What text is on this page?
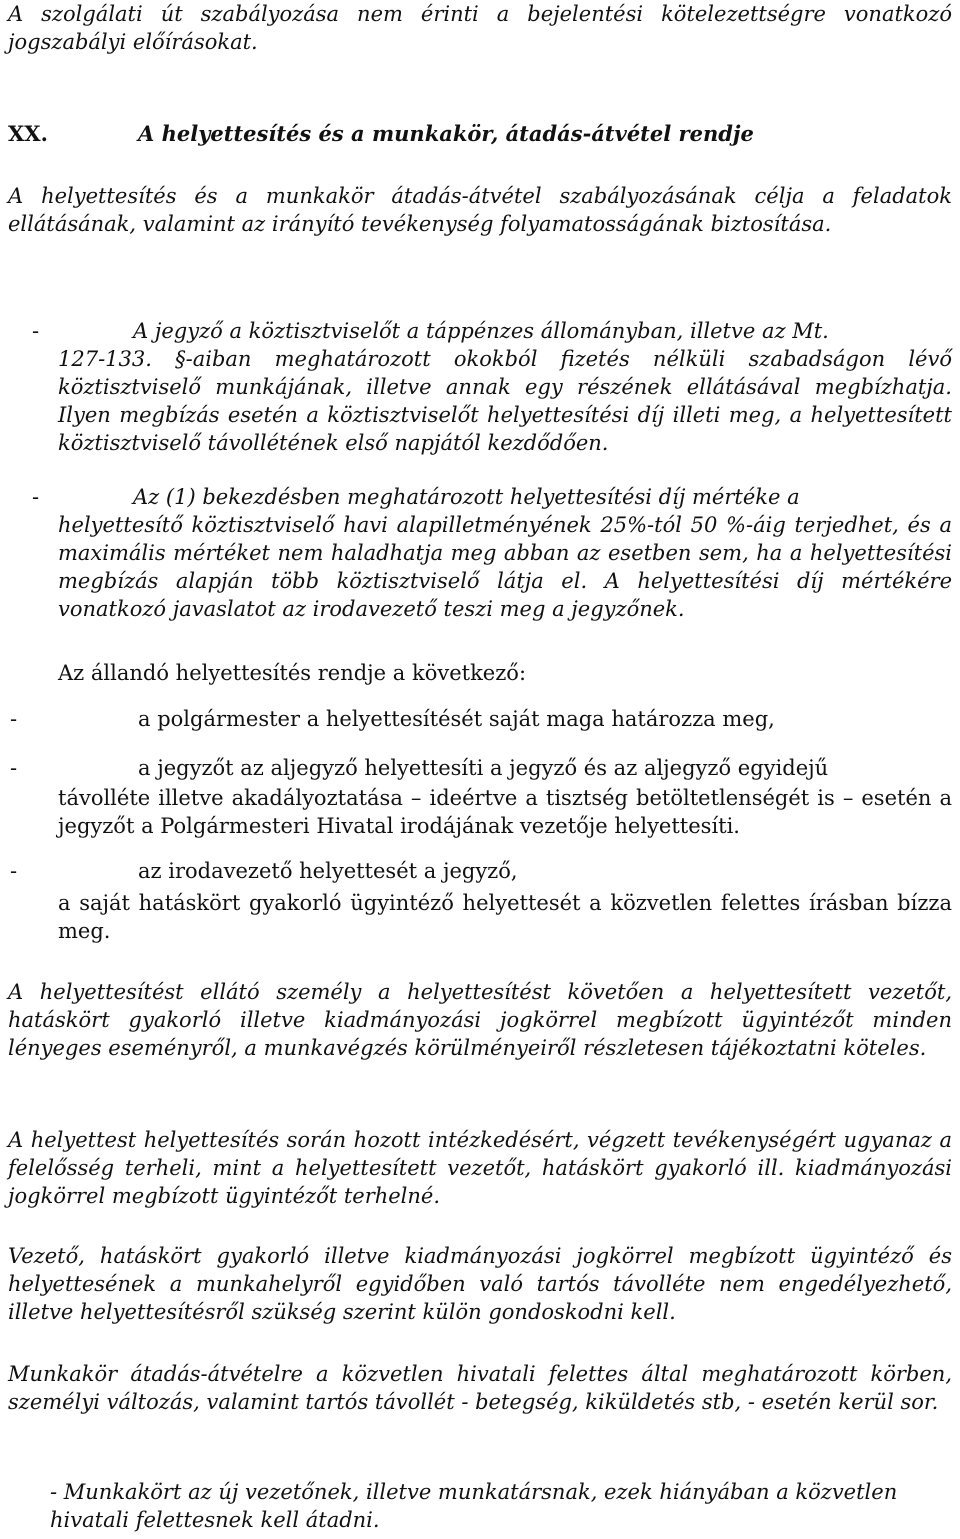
A szolgálati út szabályozása nem érinti a bejelentési kötelezettségre vonatkozó jogszabályi előírásokat.

XX.	A helyettesítés és a munkakör, átadás-átvétel rendje

A helyettesítés és a munkakör átadás-átvétel szabályozásának célja a feladatok ellátásának, valamint az irányító tevékenység folyamatosságának biztosítása.

-	A jegyző a köztisztviselőt a táppénzes állományban, illetve az Mt.

127-133. §-aiban meghatározott okokból fizetés nélküli szabadságon lévő köztisztviselő munkájának, illetve annak egy részének ellátásával megbízhatja. Ilyen megbízás esetén a köztisztviselőt helyettesítési díj illeti meg, a helyettesített köztisztviselő távollétének első napjától kezdődően.

-	Az (1) bekezdésben meghatározott helyettesítési díj mértéke a

helyettesítő köztisztviselő havi alapilletményének 25%-tól 50 %-áig terjedhet, és a maximális mértéket nem haladhatja meg abban az esetben sem, ha a helyettesítési megbízás alapján több köztisztviselő látja el. A helyettesítési díj mértékére vonatkozó javaslatot az irodavezető teszi meg a jegyzőnek.

Az állandó helyettesítés rendje a következő:

-	a polgármester a helyettesítését saját maga határozza meg,

-	a jegyzőt az aljegyző helyettesíti a jegyző és az aljegyző egyidejű

távolléte illetve akadályoztatása – ideértve a tisztség betöltetlenségét is – esetén a jegyzőt a Polgármesteri Hivatal irodájának vezetője helyettesíti.

-	az irodavezető helyettesét a jegyző,

a saját hatáskört gyakorló ügyintéző helyettesét a közvetlen felettes írásban bízza meg.

A helyettesítést ellátó személy a helyettesítést követően a helyettesített vezetőt, hatáskört gyakorló illetve kiadmányozási jogkörrel megbízott ügyintézőt minden lényeges eseményről, a munkavégzés körülményeiről részletesen tájékoztatni köteles.

A helyettest helyettesítés során hozott intézkedésért, végzett tevékenységért ugyanaz a felelősség terheli, mint a helyettesített vezetőt, hatáskört gyakorló ill. kiadmányozási jogkörrel megbízott ügyintézőt terhelné.

Vezető, hatáskört gyakorló illetve kiadmányozási jogkörrel megbízott ügyintéző és helyettesének a munkahelyről egyidőben való tartós távolléte nem engedélyezhető, illetve helyettesítésről szükség szerint külön gondoskodni kell.

Munkakör átadás-átvételre a közvetlen hivatali felettes által meghatározott körben, személyi változás, valamint tartós távollét - betegség, kiküldetés stb, - esetén kerül sor.

- Munkakört az új vezetőnek, illetve munkatársnak, ezek hiányában a közvetlen hivatali felettesnek kell átadni.
